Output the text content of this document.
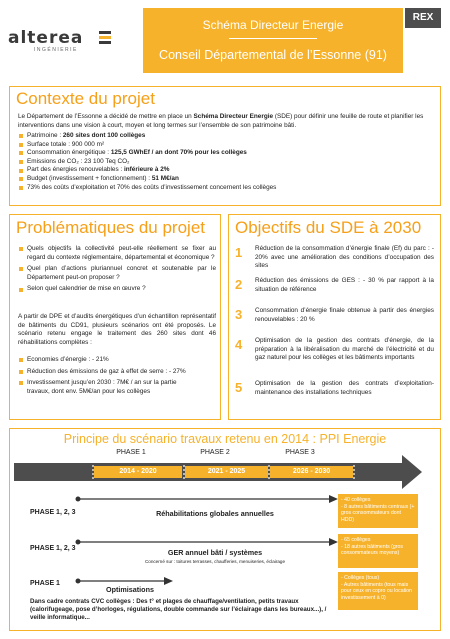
alterea
INGÉNIERIE
Schéma Directeur Energie
Conseil Départemental de l’Essonne (91)
REX
Contexte du projet
Le Département de l’Essonne a décidé de mettre en place un Schéma Directeur Energie (SDE) pour définir une feuille de route et planifier les interventions dans une vision à court, moyen et long termes sur l’ensemble de son patrimoine bâti.
Patrimoine : 260 sites dont 100 collèges
Surface totale : 900 000 m²
Consommation énergétique : 125,5 GWhEf / an dont 70% pour les collèges
Emissions de CO₂ : 23 100 Teq CO₂
Part des énergies renouvelables : inférieure à 2%
Budget (investissement + fonctionnement) : 51 M€/an
73% des coûts d’exploitation et 70% des coûts d’investissement concernent les collèges
Problématiques du projet
Quels objectifs la collectivité peut-elle réellement se fixer au regard du contexte réglementaire, départemental et économique ?
Quel plan d’actions pluriannuel concret et soutenable par le Département peut-on proposer ?
Selon quel calendrier de mise en œuvre ?
A partir de DPE et d’audits énergétiques d’un échantillon représentatif de bâtiments du CD91, plusieurs scénarios ont été proposés. Le scénario retenu engage le traitement des 260 sites dont 46 réhabilitations complètes :
Economies d’énergie : - 21%
Réduction des émissions de gaz à effet de serre : - 27%
Investissement jusqu’en 2030 : 7M€ / an sur la partie travaux, dont env. 5M€/an pour les collèges
Objectifs du SDE à 2030
1 Réduction de la consommation d’énergie finale (Ef) du parc : - 20% avec une amélioration des conditions d’occupation des sites
2 Réduction des émissions de GES : - 30 % par rapport à la situation de référence
3 Consommation d’énergie finale obtenue à partir des énergies renouvelables : 20 %
4 Optimisation de la gestion des contrats d’énergie, de la préparation à la libéralisation du marché de l’électricité et du gaz naturel pour les collèges et les bâtiments importants
5 Optimisation de la gestion des contrats d’exploitation-maintenance des installations techniques
Principe du scénario travaux retenu en 2014 : PPI Energie
PHASE 1	PHASE 2	PHASE 3
2014 - 2020	2021 - 2025	2026 - 2030
PHASE 1, 2, 3	Réhabilitations globales annuelles
- 40 collèges
- 8 autres bâtiments centraux (+ gros consommateurs dont HDD)
PHASE 1, 2, 3	GER annuel bâti / systèmes
Concerné sur : toitures terrasses, chaufferies, menuiseries, éclairage
- 65 collèges
- 18 autres bâtiments (gros consommateurs moyens)
PHASE 1
Optimisations
- Collèges (tous)
- Autres bâtiments (tous mais pour ceux en copro ou location investissement à 0)
Dans cadre contrats CVC collèges : Des t° et plages de chauffage/ventilation, petits travaux (calorifugeage, pose d’horloges, régulations, double commande sur l’éclairage dans les bureaux...), / veille informatique...
